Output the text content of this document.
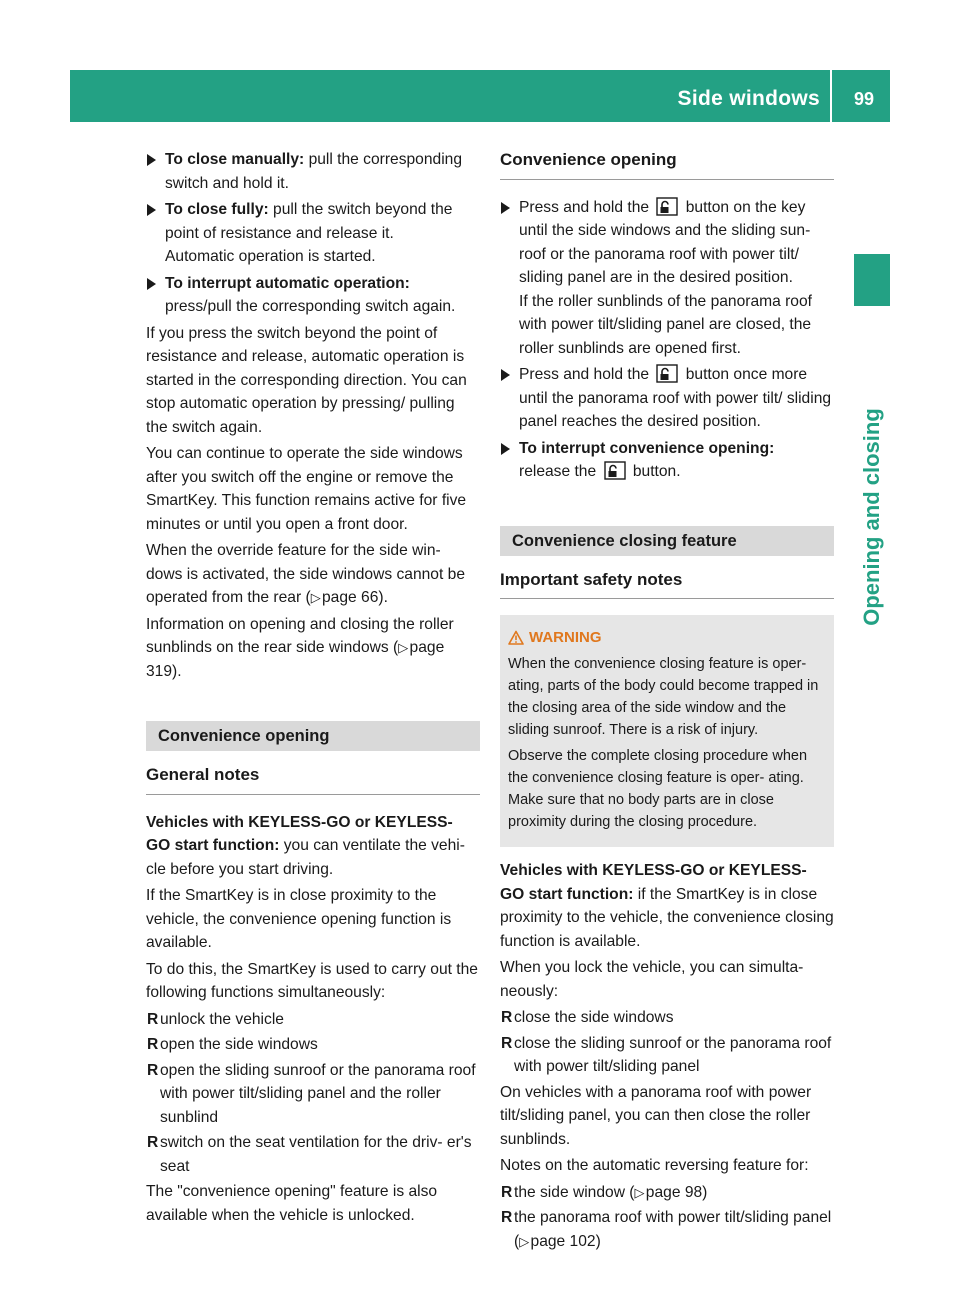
Side windows 99
Opening and closing
To close manually: pull the corresponding switch and hold it.
To close fully: pull the switch beyond the point of resistance and release it.
Automatic operation is started.
To interrupt automatic operation:
press/pull the corresponding switch again.

If you press the switch beyond the point of resistance and release, automatic operation is started in the corresponding direction. You can stop automatic operation by pressing/ pulling the switch again.

You can continue to operate the side windows after you switch off the engine or remove the SmartKey. This function remains active for five minutes or until you open a front door.

When the override feature for the side win- dows is activated, the side windows cannot be operated from the rear (▷ page 66).

Information on opening and closing the roller sunblinds on the rear side windows (▷ page 319).

Convenience opening
General notes

Vehicles with KEYLESS-GO or KEYLESS- GO start function: you can ventilate the vehi- cle before you start driving.

If the SmartKey is in close proximity to the vehicle, the convenience opening function is available.

To do this, the SmartKey is used to carry out the following functions simultaneously:

R unlock the vehicle
R open the side windows
R open the sliding sunroof or the panorama roof with power tilt/sliding panel and the roller sunblind
R switch on the seat ventilation for the driv- er's seat

The "convenience opening" feature is also available when the vehicle is unlocked.

Convenience opening
Press and hold the button on the key until the side windows and the sliding sun- roof or the panorama roof with power tilt/ sliding panel are in the desired position.
If the roller sunblinds of the panorama roof with power tilt/sliding panel are closed, the roller sunblinds are opened first.
Press and hold the button once more until the panorama roof with power tilt/ sliding panel reaches the desired position.
To interrupt convenience opening:
release the button.
Convenience closing feature
Important safety notes
WARNING

When the convenience closing feature is oper- ating, parts of the body could become trapped in the closing area of the side window and the sliding sunroof. There is a risk of injury.

Observe the complete closing procedure when the convenience closing feature is oper- ating. Make sure that no body parts are in close proximity during the closing procedure.

Vehicles with KEYLESS-GO or KEYLESS- GO start function: if the SmartKey is in close proximity to the vehicle, the convenience closing function is available.

When you lock the vehicle, you can simulta- neously:

R close the side windows
R close the sliding sunroof or the panorama roof with power tilt/sliding panel

On vehicles with a panorama roof with power tilt/sliding panel, you can then close the roller sunblinds.

Notes on the automatic reversing feature for:

R the side window (▷ page 98)
R the panorama roof with power tilt/sliding panel (▷ page 102)
